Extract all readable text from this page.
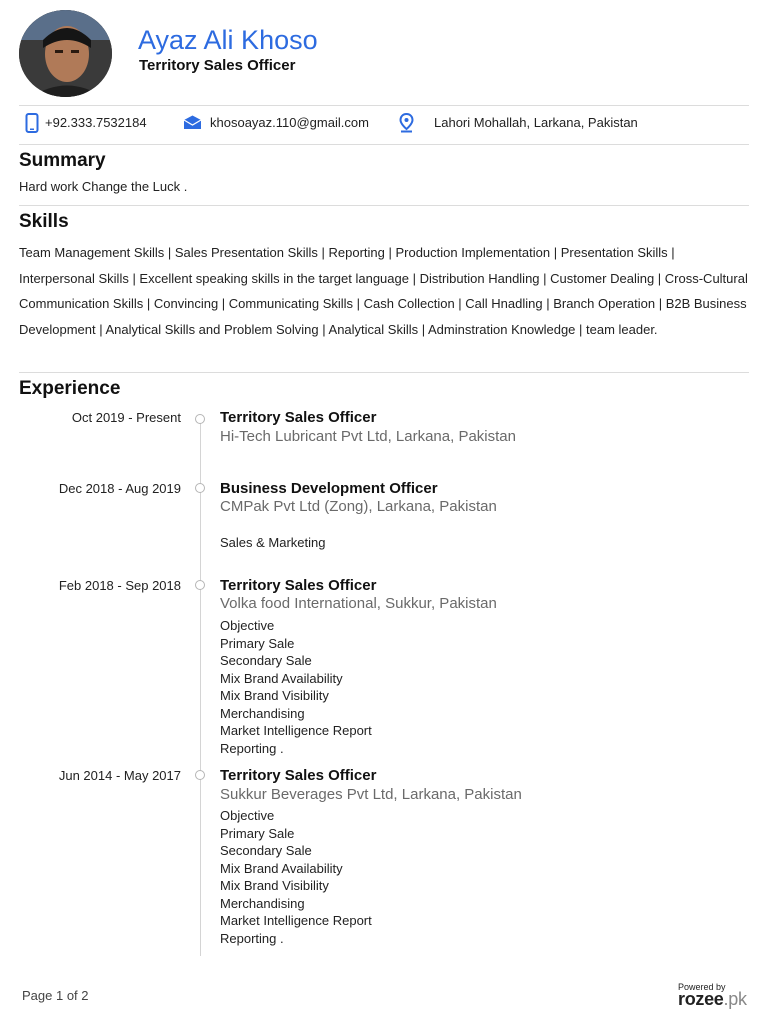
Ayaz Ali Khoso
Territory Sales Officer
+92.333.7532184	khosoayaz.110@gmail.com	Lahori Mohallah, Larkana, Pakistan
Summary
Hard work Change the Luck .
Skills
Team Management Skills | Sales Presentation Skills | Reporting | Production Implementation | Presentation Skills | Interpersonal Skills | Excellent speaking skills in the target language | Distribution Handling | Customer Dealing | Cross-Cultural Communication Skills | Convincing | Communicating Skills | Cash Collection | Call Hnadling | Branch Operation | B2B Business Development | Analytical Skills and Problem Solving | Analytical Skills | Adminstration Knowledge | team leader.
Experience
Oct 2019 - Present	Territory Sales Officer
Hi-Tech Lubricant Pvt Ltd, Larkana, Pakistan
Dec 2018 - Aug 2019	Business Development Officer
CMPak Pvt Ltd (Zong), Larkana, Pakistan
Sales & Marketing
Feb 2018 - Sep 2018	Territory Sales Officer
Volka food International, Sukkur, Pakistan
Objective
Primary Sale
Secondary Sale
Mix Brand Availability
Mix Brand Visibility
Merchandising
Market Intelligence Report
Reporting .
Jun 2014 - May 2017	Territory Sales Officer
Sukkur Beverages Pvt Ltd, Larkana, Pakistan
Objective
Primary Sale
Secondary Sale
Mix Brand Availability
Mix Brand Visibility
Merchandising
Market Intelligence Report
Reporting .
Page 1 of 2
Powered by
rozee.pk
